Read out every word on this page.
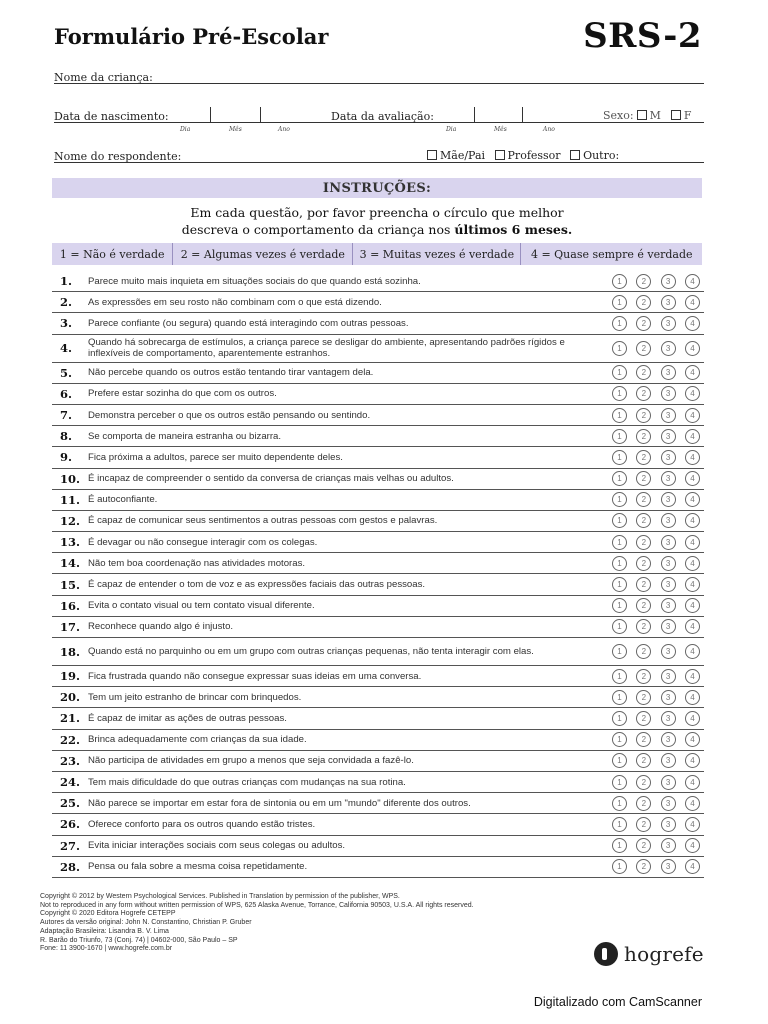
Formulário Pré-Escolar	SRS-2
Nome da criança:
Data de nascimento:
Dia	Mês	Ano
Data da avaliação:
Dia	Mês	Ano
Sexo: M F
Nome do respondente:	Mãe/Pai Professor Outro:
INSTRUÇÕES:
Em cada questão, por favor preencha o círculo que melhor
descreva o comportamento da criança nos últimos 6 meses.
1 = Não é verdade	2 = Algumas vezes é verdade	3 = Muitas vezes é verdade	4 = Quase sempre é verdade
1.	Parece muito mais inquieta em situações sociais do que quando está sozinha.	1	2	3	4
2.	As expressões em seu rosto não combinam com o que está dizendo.	1	2	3	4
3.	Parece confiante (ou segura) quando está interagindo com outras pessoas.	1	2	3	4
4.	Quando há sobrecarga de estímulos, a criança parece se desligar do ambiente, apresentando padrões rígidos e inflexíveis de comportamento, aparentemente estranhos.	1	2	3	4
5.	Não percebe quando os outros estão tentando tirar vantagem dela.	1	2	3	4
6.	Prefere estar sozinha do que com os outros.	1	2	3	4
7.	Demonstra perceber o que os outros estão pensando ou sentindo.	1	2	3	4
8.	Se comporta de maneira estranha ou bizarra.	1	2	3	4
9.	Fica próxima a adultos, parece ser muito dependente deles.	1	2	3	4
10. É incapaz de compreender o sentido da conversa de crianças mais velhas ou adultos.	1	2	3	4
11. É autoconfiante.	1	2	3	4
12. É capaz de comunicar seus sentimentos a outras pessoas com gestos e palavras.	1	2	3	4
13. É devagar ou não consegue interagir com os colegas.	1	2	3	4
14. Não tem boa coordenação nas atividades motoras.	1	2	3	4
15. É capaz de entender o tom de voz e as expressões faciais das outras pessoas.	1	2	3	4
16. Evita o contato visual ou tem contato visual diferente.	1	2	3	4
17. Reconhece quando algo é injusto.	1	2	3	4
18. Quando está no parquinho ou em um grupo com outras crianças pequenas, não tenta interagir com elas.	1	2	3	4
19. Fica frustrada quando não consegue expressar suas ideias em uma conversa.	1	2	3	4
20. Tem um jeito estranho de brincar com brinquedos.	1	2	3	4
21. É capaz de imitar as ações de outras pessoas.	1	2	3	4
22. Brinca adequadamente com crianças da sua idade.	1	2	3	4
23. Não participa de atividades em grupo a menos que seja convidada a fazê-lo.	1	2	3	4
24. Tem mais dificuldade do que outras crianças com mudanças na sua rotina.	1	2	3	4
25. Não parece se importar em estar fora de sintonia ou em um "mundo" diferente dos outros.	1	2	3	4
26. Oferece conforto para os outros quando estão tristes.	1	2	3	4
27. Evita iniciar interações sociais com seus colegas ou adultos.	1	2	3	4
28. Pensa ou fala sobre a mesma coisa repetidamente.	1	2	3	4
Copyright © 2012 by Western Psychological Services. Published in Translation by permission of the publisher, WPS.
Not to reproduced in any form without written permission of WPS, 625 Alaska Avenue, Torrance, California 90503, U.S.A. All rights reserved.
Copyright © 2020 Editora Hogrefe CETEPP
Autores da versão original: John N. Constantino, Christian P. Gruber
Adaptação Brasileira: Lisandra B. V. Lima
R. Barão do Triunfo, 73 (Conj. 74) | 04602-000, São Paulo – SP
Fone: 11 3900-1670 | www.hogrefe.com.br	hogrefe
Digitalizado com CamScanner
